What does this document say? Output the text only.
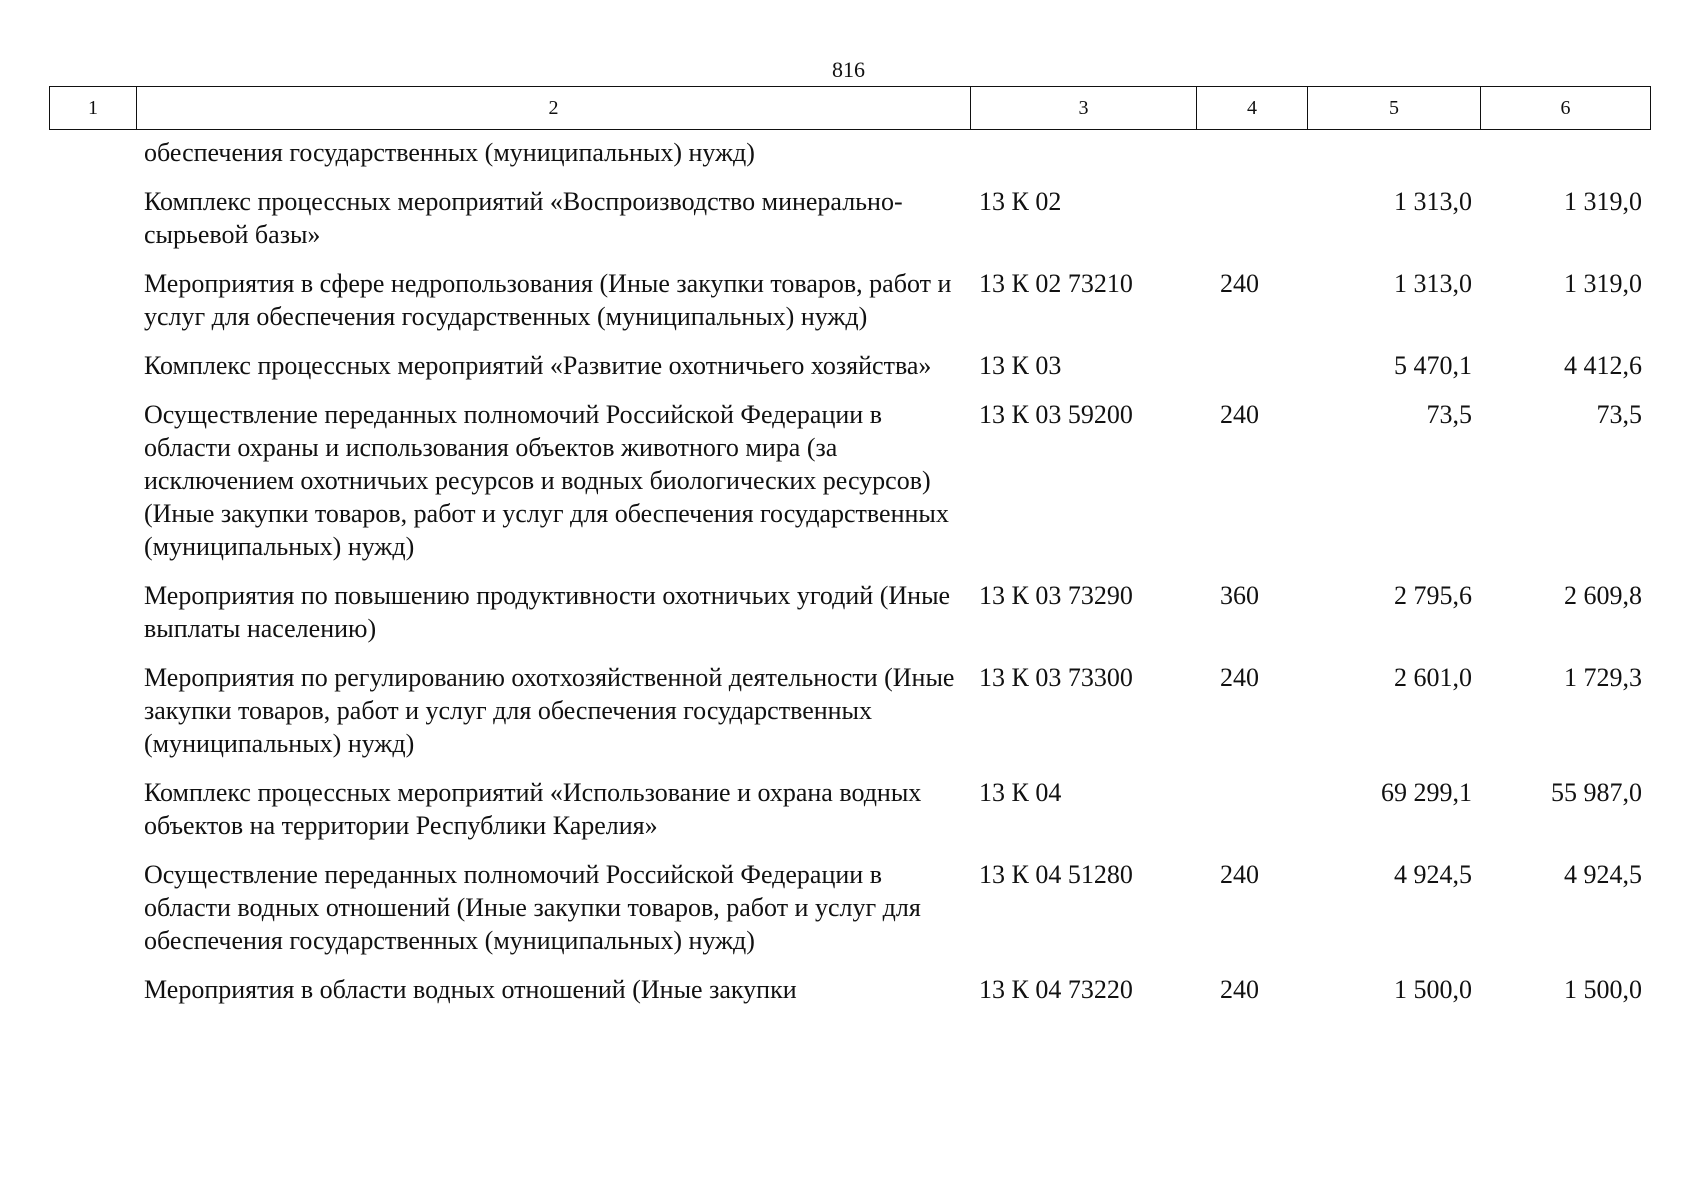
816
1	2	3	4	5	6
обеспечения государственных (муниципальных) нужд)				
Комплекс процессных мероприятий «Воспроизводство минерально-сырьевой базы»	13 К 02		1 313,0	1 319,0
Мероприятия в сфере недропользования (Иные закупки товаров, работ и услуг для обеспечения государственных (муниципальных) нужд)	13 К 02 73210	240	1 313,0	1 319,0
Комплекс процессных мероприятий «Развитие охотничьего хозяйства»	13 К 03		5 470,1	4 412,6
Осуществление переданных полномочий Российской Федерации в области охраны и использования объектов животного мира (за исключением охотничьих ресурсов и водных биологических ресурсов) (Иные закупки товаров, работ и услуг для обеспечения государственных (муниципальных) нужд)	13 К 03 59200	240	73,5	73,5
Мероприятия по повышению продуктивности охотничьих угодий (Иные выплаты населению)	13 К 03 73290	360	2 795,6	2 609,8
Мероприятия по регулированию охотхозяйственной деятельности (Иные закупки товаров, работ и услуг для обеспечения государственных (муниципальных) нужд)	13 К 03 73300	240	2 601,0	1 729,3
Комплекс процессных мероприятий «Использование и охрана водных объектов на территории Республики Карелия»	13 К 04		69 299,1	55 987,0
Осуществление переданных полномочий Российской Федерации в области водных отношений (Иные закупки товаров, работ и услуг для обеспечения государственных (муниципальных) нужд)	13 К 04 51280	240	4 924,5	4 924,5
Мероприятия в области водных отношений (Иные закупки	13 К 04 73220	240	1 500,0	1 500,0
